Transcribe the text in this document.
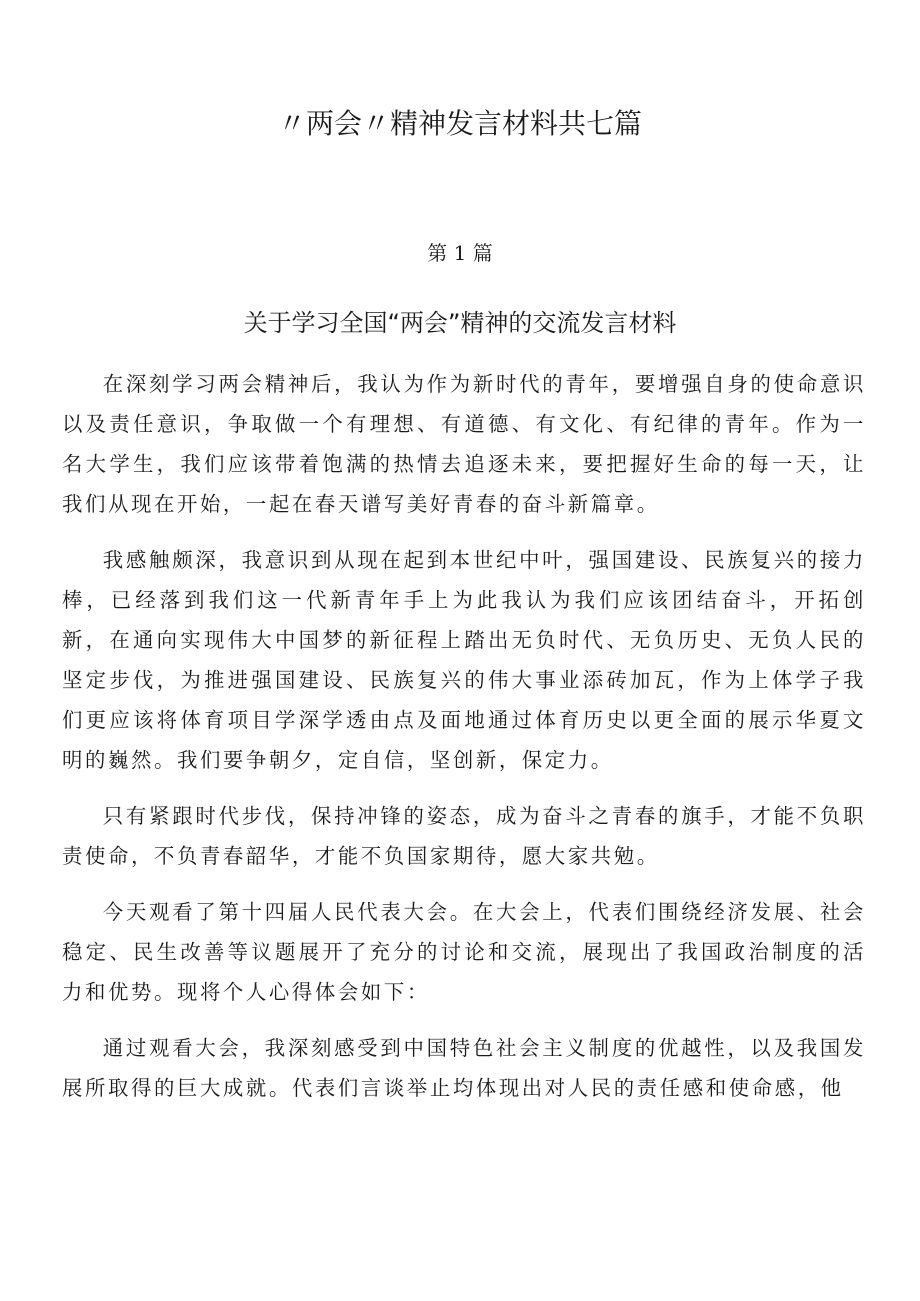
〃两会〃精神发言材料共七篇
第 1 篇
关于学习全国“两会”精神的交流发言材料

在深刻学习两会精神后，我认为作为新时代的青年，要增强自身的使命意识以及责任意识，争取做一个有理想、有道德、有文化、有纪律的青年。作为一名大学生，我们应该带着饱满的热情去追逐未来，要把握好生命的每一天，让我们从现在开始，一起在春天谱写美好青春的奋斗新篇章。

我感触颇深，我意识到从现在起到本世纪中叶，强国建设、民族复兴的接力棒，已经落到我们这一代新青年手上为此我认为我们应该团结奋斗，开拓创新，在通向实现伟大中国梦的新征程上踏出无负时代、无负历史、无负人民的坚定步伐，为推进强国建设、民族复兴的伟大事业添砖加瓦，作为上体学子我们更应该将体育项目学深学透由点及面地通过体育历史以更全面的展示华夏文明的巍然。我们要争朝夕，定自信，坚创新，保定力。

只有紧跟时代步伐，保持冲锋的姿态，成为奋斗之青春的旗手，才能不负职责使命，不负青春韶华，才能不负国家期待，愿大家共勉。

今天观看了第十四届人民代表大会。在大会上，代表们围绕经济发展、社会稳定、民生改善等议题展开了充分的讨论和交流，展现出了我国政治制度的活力和优势。现将个人心得体会如下：

通过观看大会，我深刻感受到中国特色社会主义制度的优越性，以及我国发展所取得的巨大成就。代表们言谈举止均体现出对人民的责任感和使命感，他
